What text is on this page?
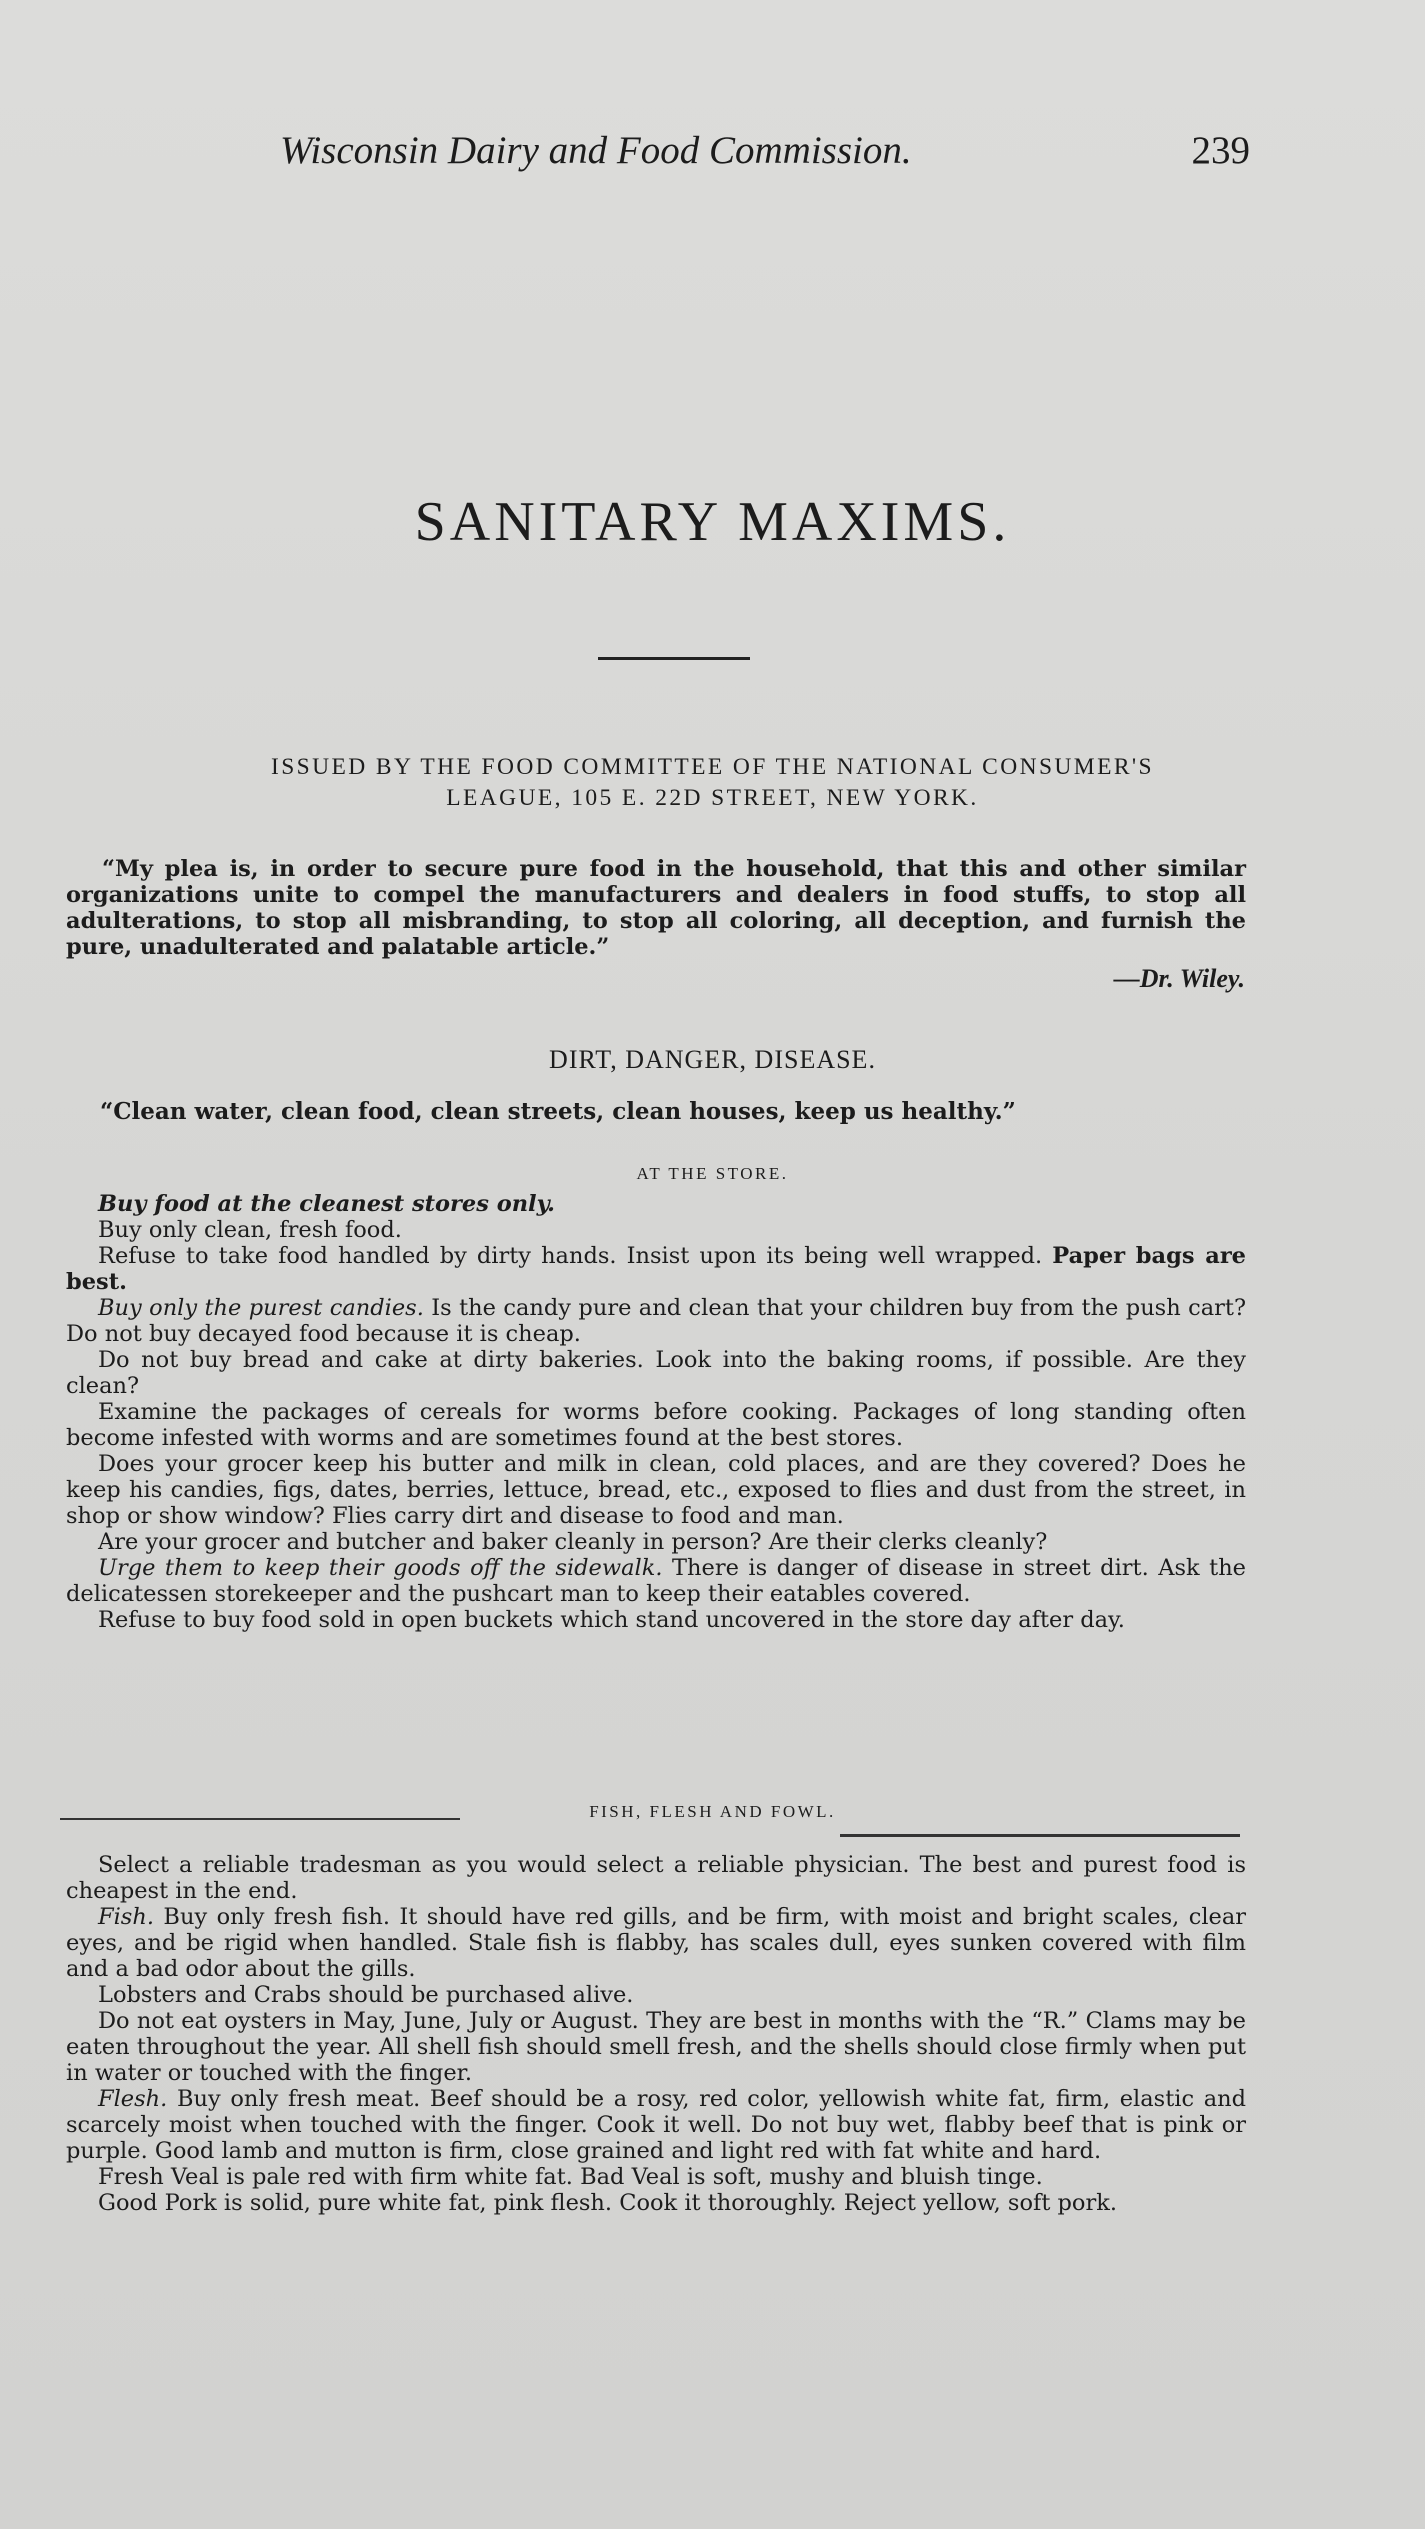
Wisconsin Dairy and Food Commission.	239
SANITARY MAXIMS.
ISSUED BY THE FOOD COMMITTEE OF THE NATIONAL CONSUMER'S
LEAGUE, 105 E. 22D STREET, NEW YORK.

“My plea is, in order to secure pure food in the household, that this and other similar organizations unite to compel the manufacturers and dealers in food stuffs, to stop all adulterations, to stop all misbranding, to stop all coloring, all deception, and furnish the pure, unadulterated and palatable article.”

—Dr. Wiley.
DIRT, DANGER, DISEASE.
“Clean water, clean food, clean streets, clean houses, keep us healthy.”
AT THE STORE.

Buy food at the cleanest stores only.

Buy only clean, fresh food.

Refuse to take food handled by dirty hands. Insist upon its being well wrapped. Paper bags are best.

Buy only the purest candies. Is the candy pure and clean that your children buy from the push cart? Do not buy decayed food because it is cheap.

Do not buy bread and cake at dirty bakeries. Look into the baking rooms, if possible. Are they clean?

Examine the packages of cereals for worms before cooking. Packages of long standing often become infested with worms and are sometimes found at the best stores.

Does your grocer keep his butter and milk in clean, cold places, and are they covered? Does he keep his candies, figs, dates, berries, lettuce, bread, etc., exposed to flies and dust from the street, in shop or show window? Flies carry dirt and disease to food and man.

Are your grocer and butcher and baker cleanly in person? Are their clerks cleanly?

Urge them to keep their goods off the sidewalk. There is danger of disease in street dirt. Ask the delicatessen storekeeper and the pushcart man to keep their eatables covered.

Refuse to buy food sold in open buckets which stand uncovered in the store day after day.

FISH, FLESH AND FOWL.

Select a reliable tradesman as you would select a reliable physician. The best and purest food is cheapest in the end.

Fish. Buy only fresh fish. It should have red gills, and be firm, with moist and bright scales, clear eyes, and be rigid when handled. Stale fish is flabby, has scales dull, eyes sunken covered with film and a bad odor about the gills.

Lobsters and Crabs should be purchased alive.

Do not eat oysters in May, June, July or August. They are best in months with the “R.” Clams may be eaten throughout the year. All shell fish should smell fresh, and the shells should close firmly when put in water or touched with the finger.

Flesh. Buy only fresh meat. Beef should be a rosy, red color, yellowish white fat, firm, elastic and scarcely moist when touched with the finger. Cook it well. Do not buy wet, flabby beef that is pink or purple. Good lamb and mutton is firm, close grained and light red with fat white and hard.

Fresh Veal is pale red with firm white fat. Bad Veal is soft, mushy and bluish tinge.

Good Pork is solid, pure white fat, pink flesh. Cook it thoroughly. Reject yellow, soft pork.
